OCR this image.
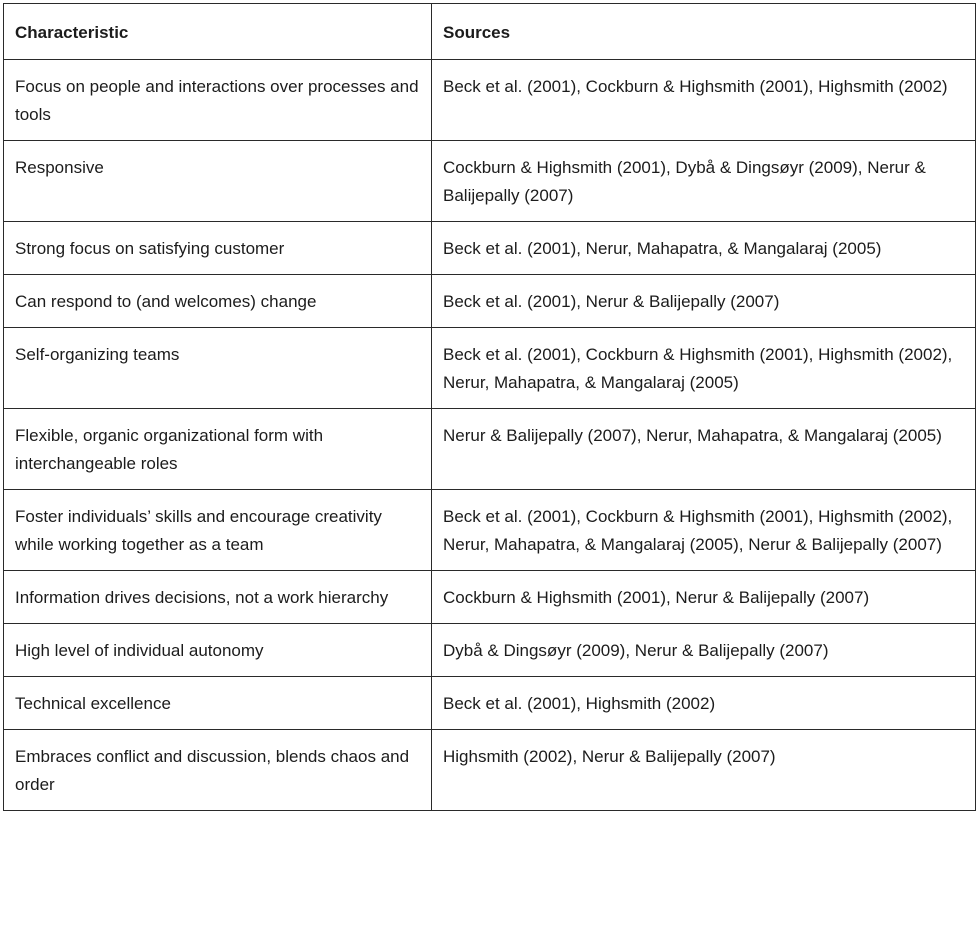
Characteristic	Sources
Focus on people and interactions over processes and tools	Beck et al. (2001), Cockburn & Highsmith (2001), Highsmith (2002)
Responsive	Cockburn & Highsmith (2001), Dybå & Dingsøyr (2009), Nerur & Balijepally (2007)
Strong focus on satisfying customer	Beck et al. (2001), Nerur, Mahapatra, & Mangalaraj (2005)
Can respond to (and welcomes) change	Beck et al. (2001), Nerur & Balijepally (2007)
Self-organizing teams	Beck et al. (2001), Cockburn & Highsmith (2001), Highsmith (2002), Nerur, Mahapatra, & Mangalaraj (2005)
Flexible, organic organizational form with interchangeable roles	Nerur & Balijepally (2007), Nerur, Mahapatra, & Mangalaraj (2005)
Foster individuals’ skills and encourage creativity while working together as a team	Beck et al. (2001), Cockburn & Highsmith (2001), Highsmith (2002), Nerur, Mahapatra, & Mangalaraj (2005), Nerur & Balijepally (2007)
Information drives decisions, not a work hierarchy	Cockburn & Highsmith (2001), Nerur & Balijepally (2007)
High level of individual autonomy	Dybå & Dingsøyr (2009), Nerur & Balijepally (2007)
Technical excellence	Beck et al. (2001), Highsmith (2002)
Embraces conflict and discussion, blends chaos and order	Highsmith (2002), Nerur & Balijepally (2007)
